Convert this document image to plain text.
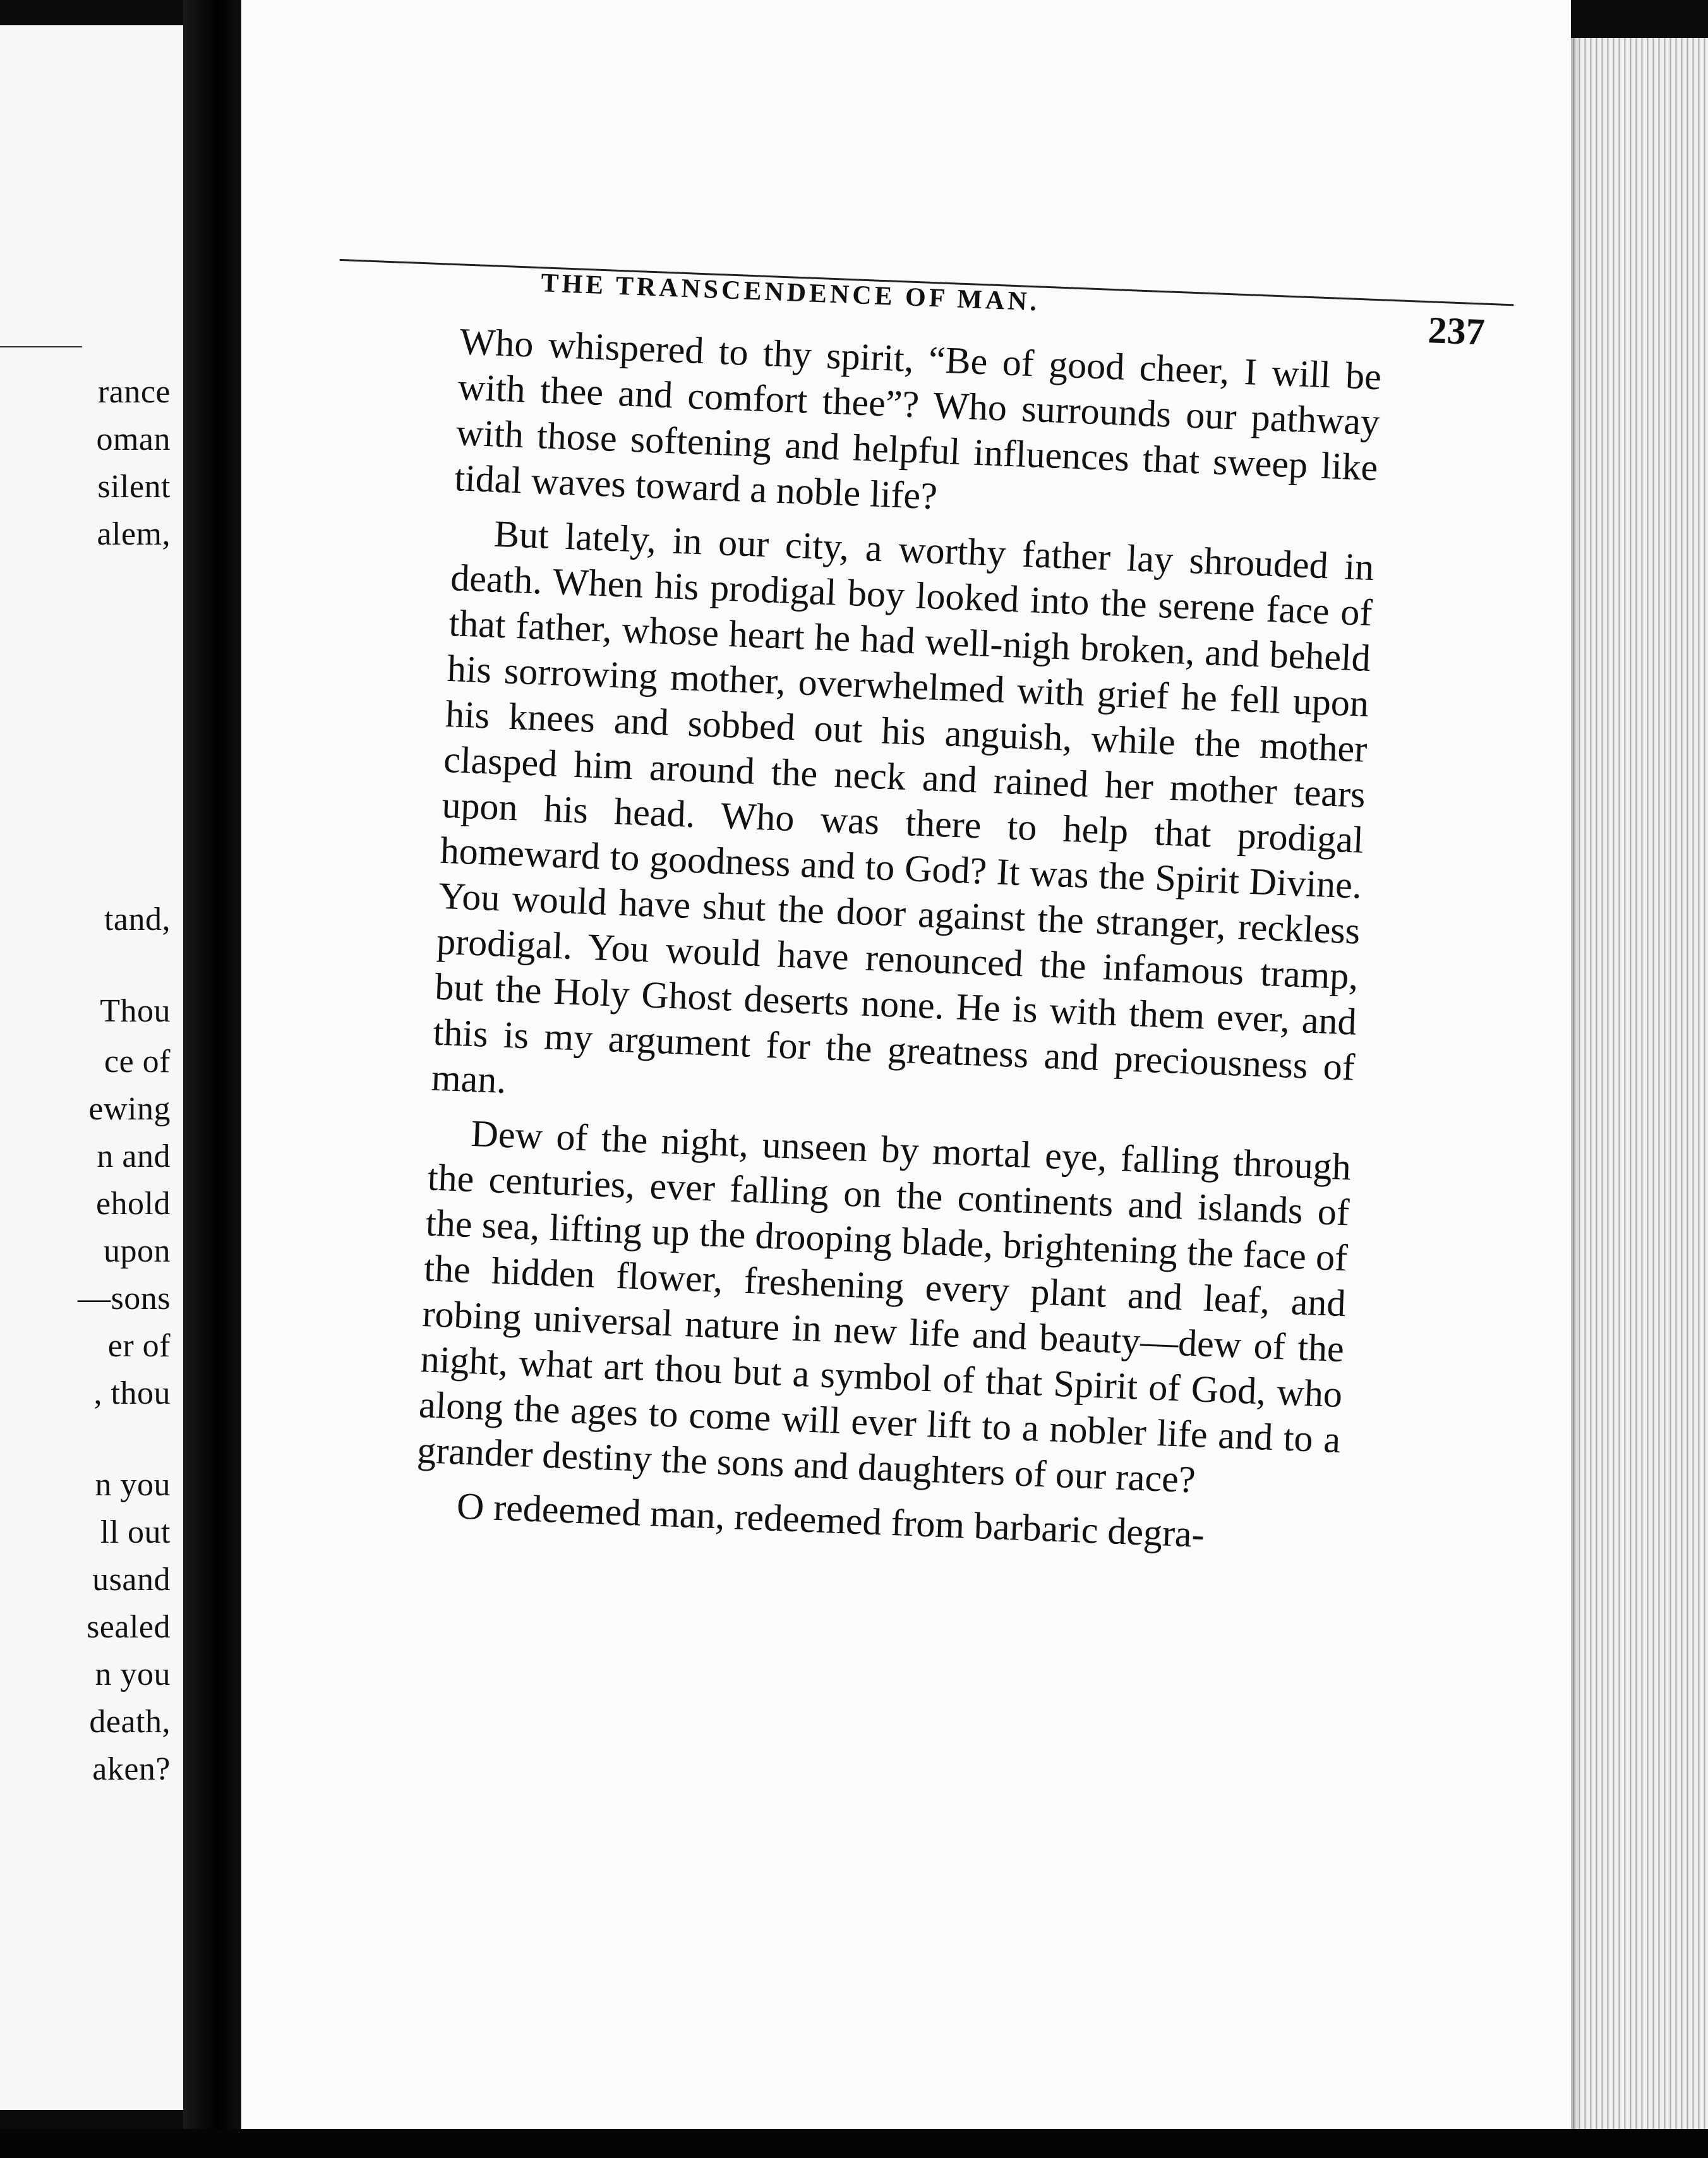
rance
oman
silent
alem,
tand,
Thou
ce of
ewing
n and
ehold
upon
—sons
er of
, thou
n you
ll out
usand
sealed
n you
death,
aken?
THE TRANSCENDENCE OF MAN.
237

Who whispered to thy spirit, “Be of good cheer, I will be with thee and comfort thee”? Who surrounds our pathway with those softening and helpful influences that sweep like tidal waves toward a noble life?

But lately, in our city, a worthy father lay shrouded in death. When his prodigal boy looked into the serene face of that father, whose heart he had well-nigh broken, and beheld his sorrowing mother, overwhelmed with grief he fell upon his knees and sobbed out his anguish, while the mother clasped him around the neck and rained her mother tears upon his head. Who was there to help that prodigal homeward to goodness and to God? It was the Spirit Divine. You would have shut the door against the stranger, reckless prodigal. You would have renounced the infamous tramp, but the Holy Ghost deserts none. He is with them ever, and this is my argument for the greatness and preciousness of man.

Dew of the night, unseen by mortal eye, falling through the centuries, ever falling on the continents and islands of the sea, lifting up the drooping blade, brightening the face of the hidden flower, freshening every plant and leaf, and robing universal nature in new life and beauty—dew of the night, what art thou but a symbol of that Spirit of God, who along the ages to come will ever lift to a nobler life and to a grander destiny the sons and daughters of our race?

O redeemed man, redeemed from barbaric degra-
